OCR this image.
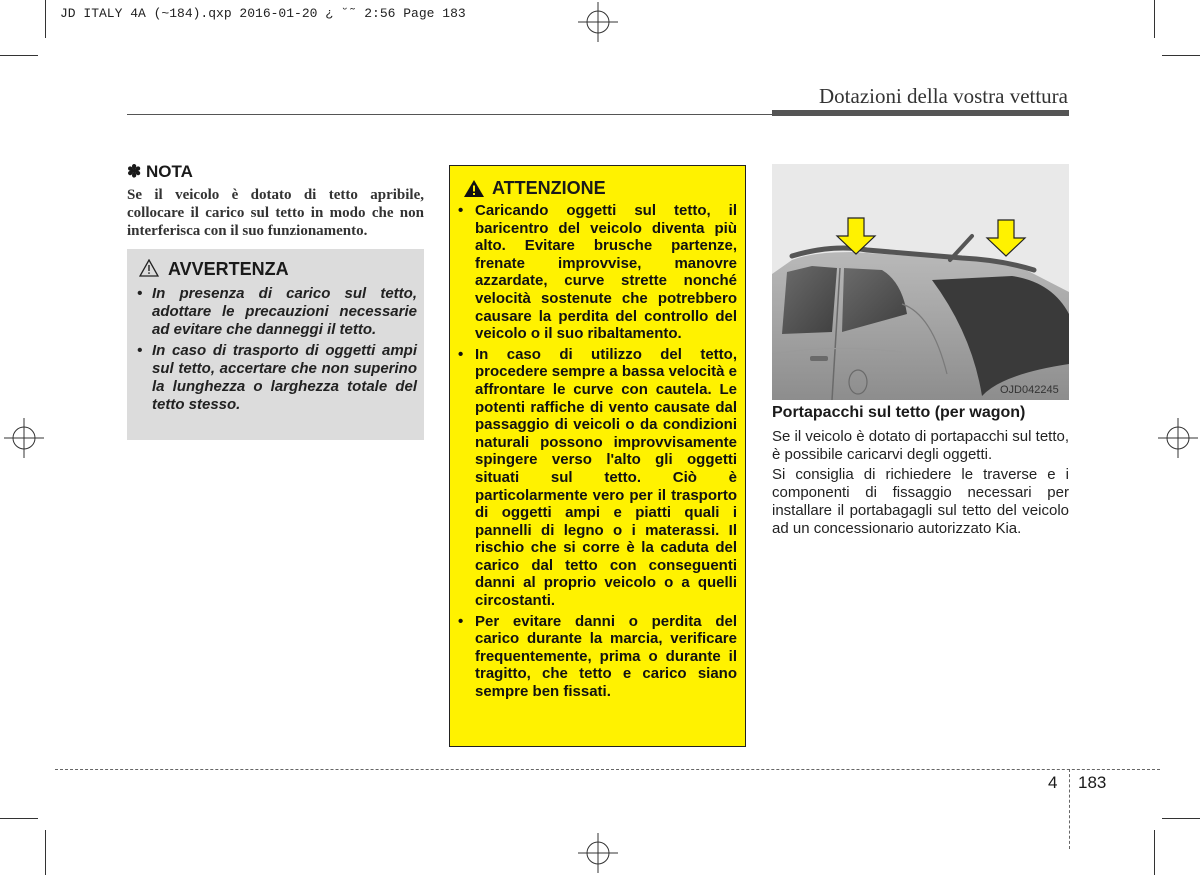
JD ITALY 4A (~184).qxp 2016-01-20 ¿ ˘˜ 2:56 Page 183
Dotazioni della vostra vettura
✽ NOTA
Se il veicolo è dotato di tetto apribile, collocare il carico sul tetto in modo che non interferisca con il suo funzionamento.
AVVERTENZA
• In presenza di carico sul tetto, adottare le precauzioni necessarie ad evitare che danneggi il tetto.
• In caso di trasporto di oggetti ampi sul tetto, accertare che non superino la lunghezza o larghezza totale del tetto stesso.
ATTENZIONE
• Caricando oggetti sul tetto, il baricentro del veicolo diventa più alto. Evitare brusche partenze, frenate improvvise, manovre azzardate, curve strette nonché velocità sostenute che potrebbero causare la perdita del controllo del veicolo o il suo ribaltamento.
• In caso di utilizzo del tetto, procedere sempre a bassa velocità e affrontare le curve con cautela. Le potenti raffiche di vento causate dal passaggio di veicoli o da condizioni naturali possono improvvisamente spingere verso l'alto gli oggetti situati sul tetto. Ciò è particolarmente vero per il trasporto di oggetti ampi e piatti quali i pannelli di legno o i materassi. Il rischio che si corre è la caduta del carico dal tetto con conseguenti danni al proprio veicolo o a quelli circostanti.
• Per evitare danni o perdita del carico durante la marcia, verificare frequentemente, prima o durante il tragitto, che tetto e carico siano sempre ben fissati.
OJD042245
Portapacchi sul tetto (per wagon)

Se il veicolo è dotato di portapacchi sul tetto, è possibile caricarvi degli oggetti.

Si consiglia di richiedere le traverse e i componenti di fissaggio necessari per installare il portabagagli sul tetto del veicolo ad un concessionario autorizzato Kia.

4 183
